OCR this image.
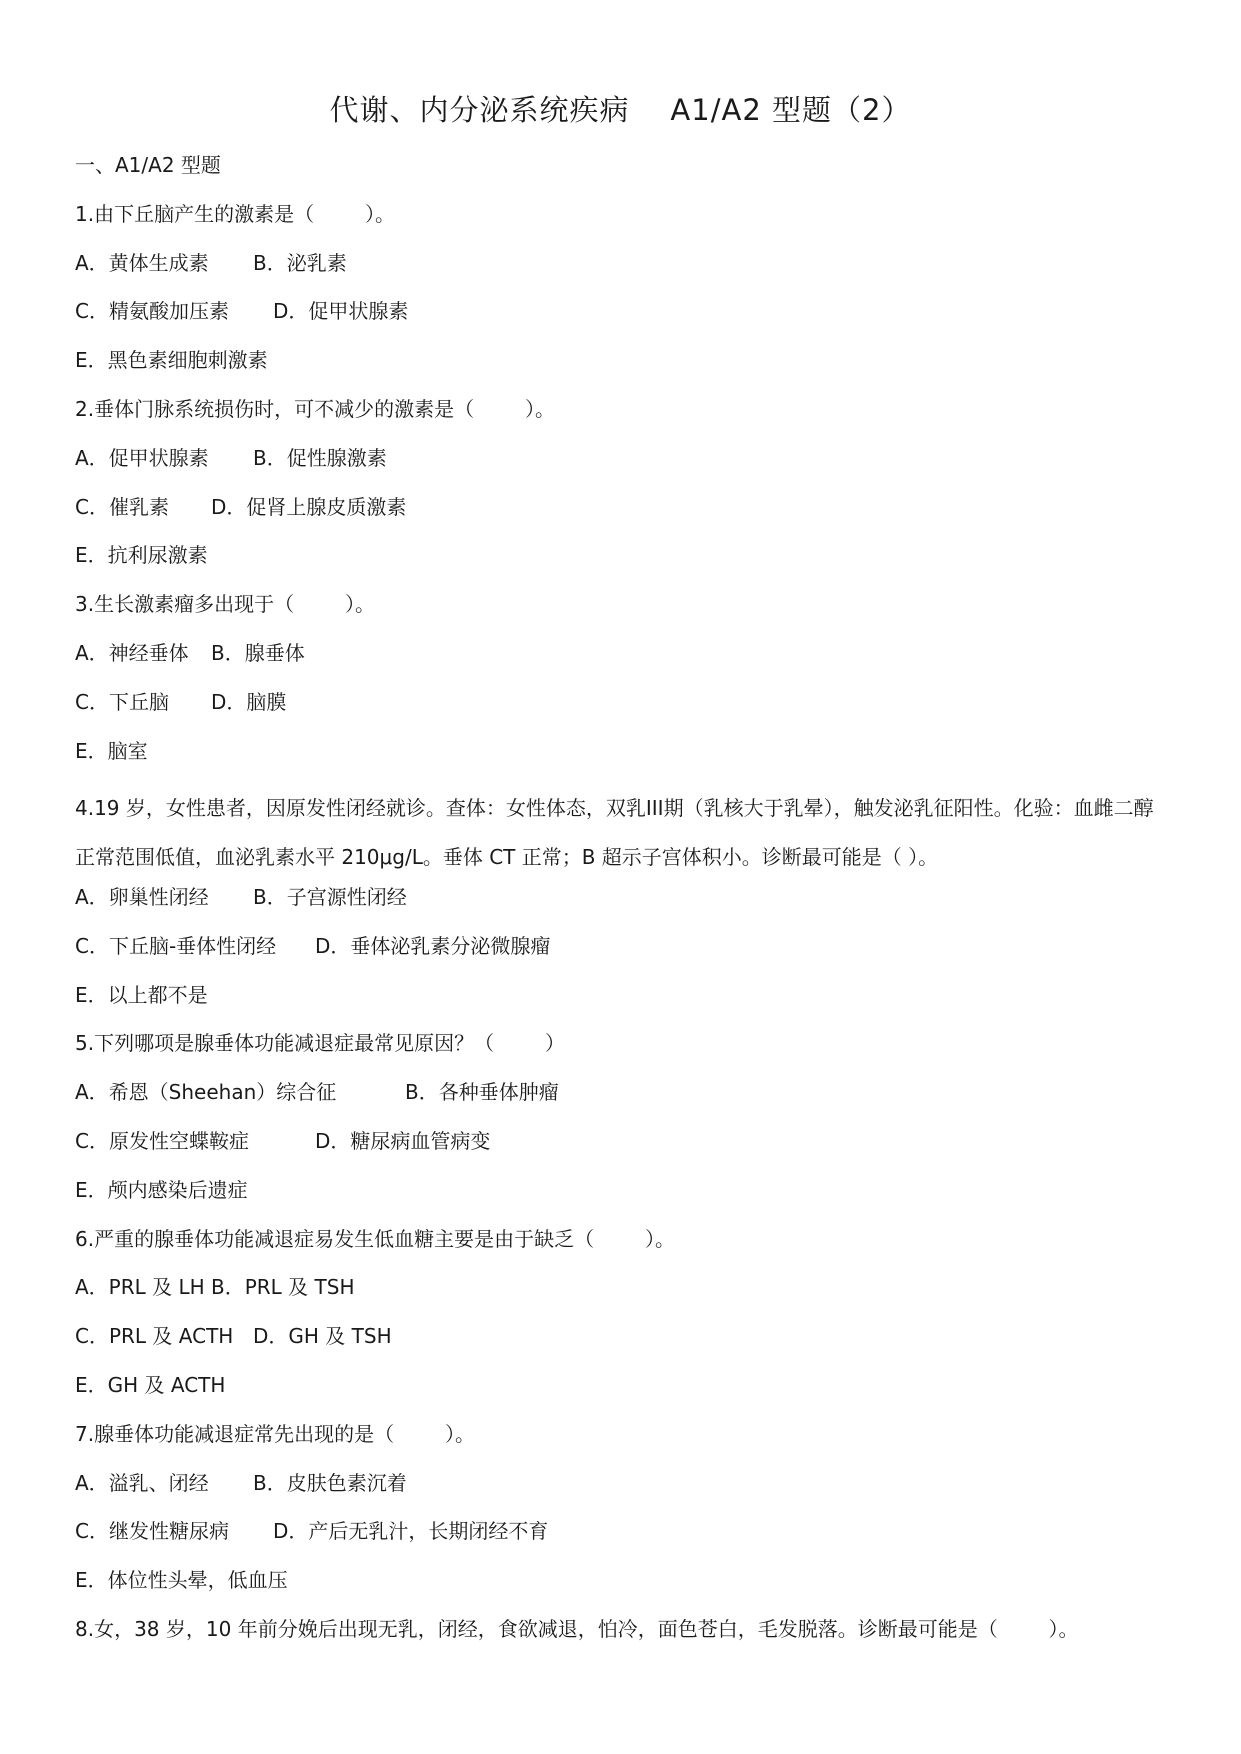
代谢、内分泌系统疾病    A1/A2 型题（2）
一、A1/A2 型题
1.由下丘脑产生的激素是（        ）。
A．黄体生成素 B．泌乳素
C．精氨酸加压素 D．促甲状腺素
E．黑色素细胞刺激素
2.垂体门脉系统损伤时，可不减少的激素是（        ）。
A．促甲状腺素 B．促性腺激素
C．催乳素 D．促肾上腺皮质激素
E．抗利尿激素
3.生长激素瘤多出现于（        ）。
A．神经垂体 B．腺垂体
C．下丘脑 D．脑膜
E．脑室
4.19 岁，女性患者，因原发性闭经就诊。查体：女性体态，双乳III期（乳核大于乳晕），触发泌乳征阳性。化验：血雌二醇正常范围低值，血泌乳素水平 210μg/L。垂体 CT 正常；B 超示子宫体积小。诊断最可能是（ ）。
A．卵巢性闭经 B．子宫源性闭经
C．下丘脑-垂体性闭经 D．垂体泌乳素分泌微腺瘤
E．以上都不是
5.下列哪项是腺垂体功能减退症最常见原因？（        ）
A．希恩（Sheehan）综合征	B．各种垂体肿瘤
C．原发性空蝶鞍症	D．糖尿病血管病变
E．颅内感染后遗症
6.严重的腺垂体功能减退症易发生低血糖主要是由于缺乏（        ）。
A．PRL 及 LH B．PRL 及 TSH
C．PRL 及 ACTH D．GH 及 TSH
E．GH 及 ACTH
7.腺垂体功能减退症常先出现的是（        ）。
A．溢乳、闭经 B．皮肤色素沉着
C．继发性糖尿病 D．产后无乳汁，长期闭经不育
E．体位性头晕，低血压
8.女，38 岁，10 年前分娩后出现无乳，闭经，食欲减退，怕冷，面色苍白，毛发脱落。诊断最可能是（        ）。
